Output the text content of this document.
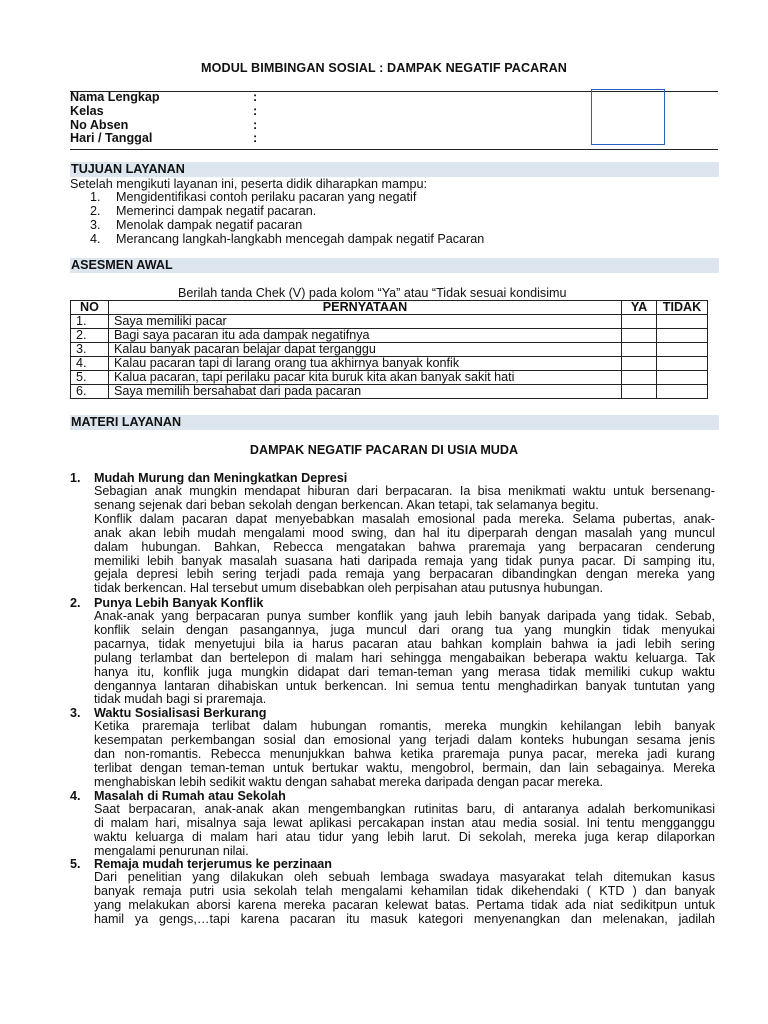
MODUL BIMBINGAN SOSIAL : DAMPAK NEGATIF PACARAN
Nama Lengkap	:
Kelas	:
No Absen	:
Hari / Tanggal	:
TUJUAN LAYANAN
Setelah mengikuti layanan ini, peserta didik diharapkan mampu:
1. Mengidentifikasi contoh perilaku pacaran yang negatif
2. Memerinci dampak negatif pacaran.
3. Menolak dampak negatif pacaran
4. Merancang langkah-langkabh mencegah dampak negatif Pacaran
ASESMEN AWAL
Berilah tanda Chek (V) pada kolom “Ya” atau “Tidak sesuai kondisimu
NO	PERNYATAAN	YA	TIDAK
1.	Saya memiliki pacar		
2.	Bagi saya pacaran itu ada dampak negatifnya		
3.	Kalau banyak pacaran belajar dapat terganggu		
4.	Kalau pacaran tapi di larang orang tua akhirnya banyak konfik		
5.	Kalua pacaran, tapi perilaku pacar kita buruk kita akan banyak sakit hati		
6.	Saya memilih bersahabat dari pada pacaran		
MATERI LAYANAN
DAMPAK NEGATIF PACARAN DI USIA MUDA
1. Mudah Murung dan Meningkatkan Depresi
Sebagian anak mungkin mendapat hiburan dari berpacaran. Ia bisa menikmati waktu untuk bersenang-
senang sejenak dari beban sekolah dengan berkencan. Akan tetapi, tak selamanya begitu.
Konflik dalam pacaran dapat menyebabkan masalah emosional pada mereka. Selama pubertas, anak-
anak akan lebih mudah mengalami mood swing, dan hal itu diperparah dengan masalah yang muncul
dalam hubungan. Bahkan, Rebecca mengatakan bahwa praremaja yang berpacaran cenderung
memiliki lebih banyak masalah suasana hati daripada remaja yang tidak punya pacar. Di samping itu,
gejala depresi lebih sering terjadi pada remaja yang berpacaran dibandingkan dengan mereka yang
tidak berkencan. Hal tersebut umum disebabkan oleh perpisahan atau putusnya hubungan.
2. Punya Lebih Banyak Konflik
Anak-anak yang berpacaran punya sumber konflik yang jauh lebih banyak daripada yang tidak. Sebab,
konflik selain dengan pasangannya, juga muncul dari orang tua yang mungkin tidak menyukai
pacarnya, tidak menyetujui bila ia harus pacaran atau bahkan komplain bahwa ia jadi lebih sering
pulang terlambat dan bertelepon di malam hari sehingga mengabaikan beberapa waktu keluarga. Tak
hanya itu, konflik juga mungkin didapat dari teman-teman yang merasa tidak memiliki cukup waktu
dengannya lantaran dihabiskan untuk berkencan. Ini semua tentu menghadirkan banyak tuntutan yang
tidak mudah bagi si praremaja.
3. Waktu Sosialisasi Berkurang
Ketika praremaja terlibat dalam hubungan romantis, mereka mungkin kehilangan lebih banyak
kesempatan perkembangan sosial dan emosional yang terjadi dalam konteks hubungan sesama jenis
dan non-romantis. Rebecca menunjukkan bahwa ketika praremaja punya pacar, mereka jadi kurang
terlibat dengan teman-teman untuk bertukar waktu, mengobrol, bermain, dan lain sebagainya. Mereka
menghabiskan lebih sedikit waktu dengan sahabat mereka daripada dengan pacar mereka.
4. Masalah di Rumah atau Sekolah
Saat berpacaran, anak-anak akan mengembangkan rutinitas baru, di antaranya adalah berkomunikasi
di malam hari, misalnya saja lewat aplikasi percakapan instan atau media sosial. Ini tentu mengganggu
waktu keluarga di malam hari atau tidur yang lebih larut. Di sekolah, mereka juga kerap dilaporkan
mengalami penurunan nilai.
5. Remaja mudah terjerumus ke perzinaan
Dari penelitian yang dilakukan oleh sebuah lembaga swadaya masyarakat telah ditemukan kasus
banyak remaja putri usia sekolah telah mengalami kehamilan tidak dikehendaki ( KTD ) dan banyak
yang melakukan aborsi karena mereka pacaran kelewat batas. Pertama tidak ada niat sedikitpun untuk
hamil ya gengs,…tapi karena pacaran itu masuk kategori menyenangkan dan melenakan, jadilah
